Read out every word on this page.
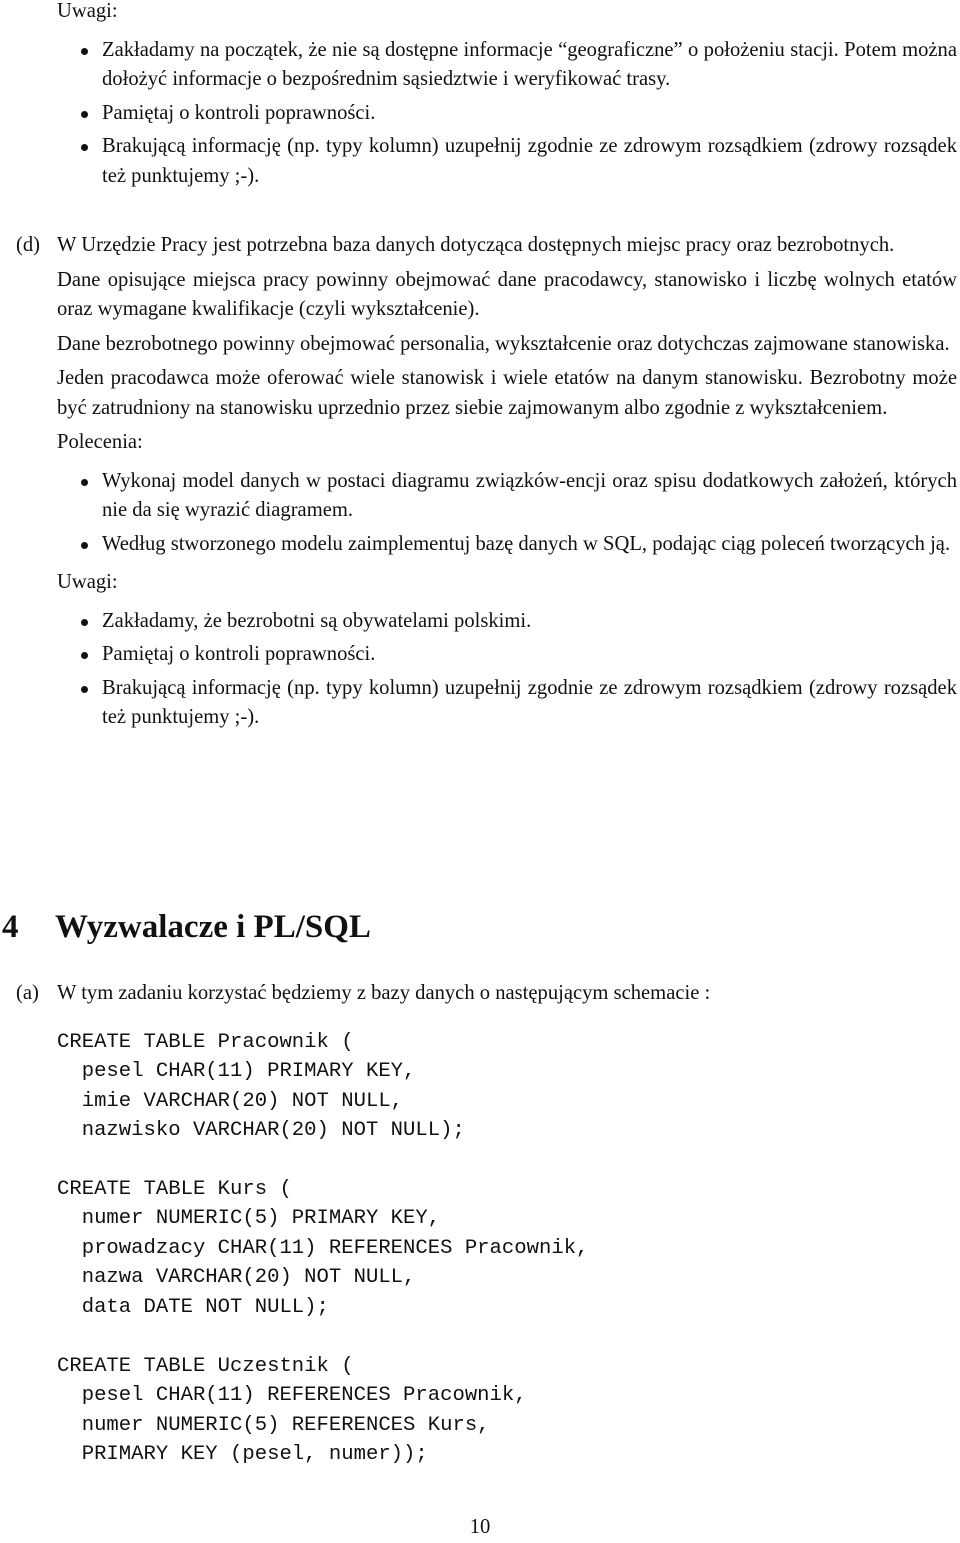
Uwagi:

Zakładamy na początek, że nie są dostępne informacje “geograficzne” o położeniu stacji. Potem można dołożyć informacje o bezpośrednim sąsiedztwie i weryfikować trasy.
Pamiętaj o kontroli poprawności.
Brakującą informację (np. typy kolumn) uzupełnij zgodnie ze zdrowym rozsądkiem (zdrowy rozsądek też punktujemy ;-).
(d) W Urzędzie Pracy jest potrzebna baza danych dotycząca dostępnych miejsc pracy oraz bezrobotnych.

Dane opisujące miejsca pracy powinny obejmować dane pracodawcy, stanowisko i liczbę wolnych etatów oraz wymagane kwalifikacje (czyli wykształcenie).

Dane bezrobotnego powinny obejmować personalia, wykształcenie oraz dotychczas zajmowane stanowiska.

Jeden pracodawca może oferować wiele stanowisk i wiele etatów na danym stanowisku. Bezrobotny może być zatrudniony na stanowisku uprzednio przez siebie zajmowanym albo zgodnie z wykształceniem.

Polecenia:

Wykonaj model danych w postaci diagramu związków-encji oraz spisu dodatkowych założeń, których nie da się wyrazić diagramem.
Według stworzonego modelu zaimplementuj bazę danych w SQL, podając ciąg poleceń tworzących ją.

Uwagi:

Zakładamy, że bezrobotni są obywatelami polskimi.
Pamiętaj o kontroli poprawności.
Brakującą informację (np. typy kolumn) uzupełnij zgodnie ze zdrowym rozsądkiem (zdrowy rozsądek też punktujemy ;-).
4 Wyzwalacze i PL/SQL
(a) W tym zadaniu korzystać będziemy z bazy danych o następującym schemacie :

CREATE TABLE Pracownik (
pesel CHAR(11) PRIMARY KEY,
imie VARCHAR(20) NOT NULL,
nazwisko VARCHAR(20) NOT NULL);
CREATE TABLE Kurs (
numer NUMERIC(5) PRIMARY KEY,
prowadzacy CHAR(11) REFERENCES Pracownik,
nazwa VARCHAR(20) NOT NULL,
data DATE NOT NULL);
CREATE TABLE Uczestnik (
pesel CHAR(11) REFERENCES Pracownik,
numer NUMERIC(5) REFERENCES Kurs,
PRIMARY KEY (pesel, numer));
10
